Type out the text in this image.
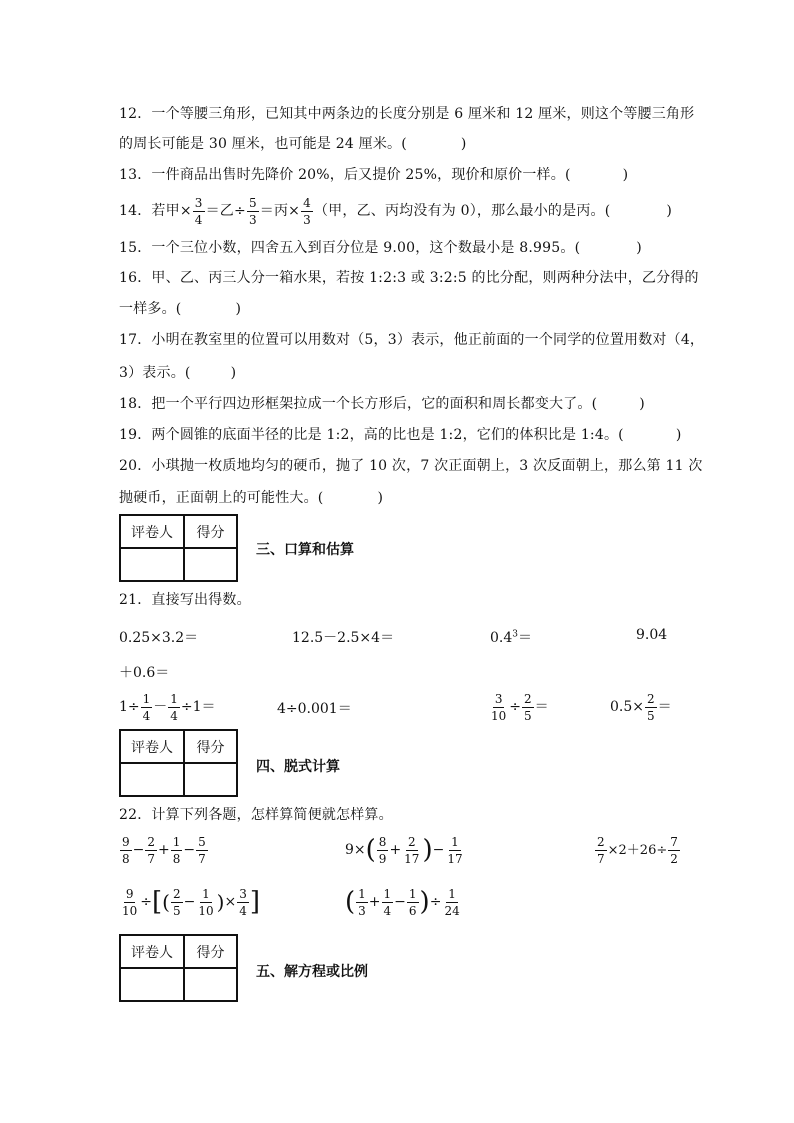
12．一个等腰三角形，已知其中两条边的长度分别是 6 厘米和 12 厘米，则这个等腰三角形
的周长可能是 30 厘米，也可能是 24 厘米。(	)
13．一件商品出售时先降价 20%，后又提价 25%，现价和原价一样。(	)
14．若甲× $\frac{3}{4}$ ＝乙÷ $\frac{5}{3}$ ＝丙× $\frac{4}{3}$ （甲，乙、丙均没有为 0），那么最小的是丙。(	)
15．一个三位小数，四舍五入到百分位是 9.00，这个数最小是 8.995。(	)
16．甲、乙、丙三人分一箱水果，若按 1:2:3 或 3:2:5 的比分配，则两种分法中，乙分得的
一样多。(	)
17．小明在教室里的位置可以用数对（5，3）表示，他正前面的一个同学的位置用数对（4，
3）表示。(	)
18．把一个平行四边形框架拉成一个长方形后，它的面积和周长都变大了。(	)
19．两个圆锥的底面半径的比是 1:2，高的比也是 1:2，它们的体积比是 1:4。(	)
20．小琪抛一枚质地均匀的硬币，抛了 10 次，7 次正面朝上，3 次反面朝上，那么第 11 次
抛硬币，正面朝上的可能性大。(	)
评卷人	得分

三、口算和估算
21．直接写出得数。
0.25×3.2＝	12.5－2.5×4＝	$0.4^3=$	9.04
＋0.6＝
$1\div \frac{1}{4} - \frac{1}{4} \div 1=$	4÷0.001＝	$\frac{3}{10} \div \frac{2}{5}$ ＝	$0.5\times \frac{2}{5}$ ＝
评卷人	得分

四、脱式计算
22．计算下列各题，怎样算简便就怎样算。
$\frac{9}{8} - \frac{2}{7} + \frac{1}{8} - \frac{5}{7}$	$9\times( \frac{8}{9} + \frac{2}{17}$ )− $\frac{1}{17}$	$\frac{2}{7} \times 2+26\div \frac{7}{2}$
$\frac{9}{10}$ ÷[( $\frac{2}{5} - \frac{1}{10}$ )× $\frac{3}{4}$ ]	( $\frac{1}{3} + \frac{1}{4} - \frac{1}{6}$ )÷ $\frac{1}{24}$
评卷人	得分

五、解方程或比例
